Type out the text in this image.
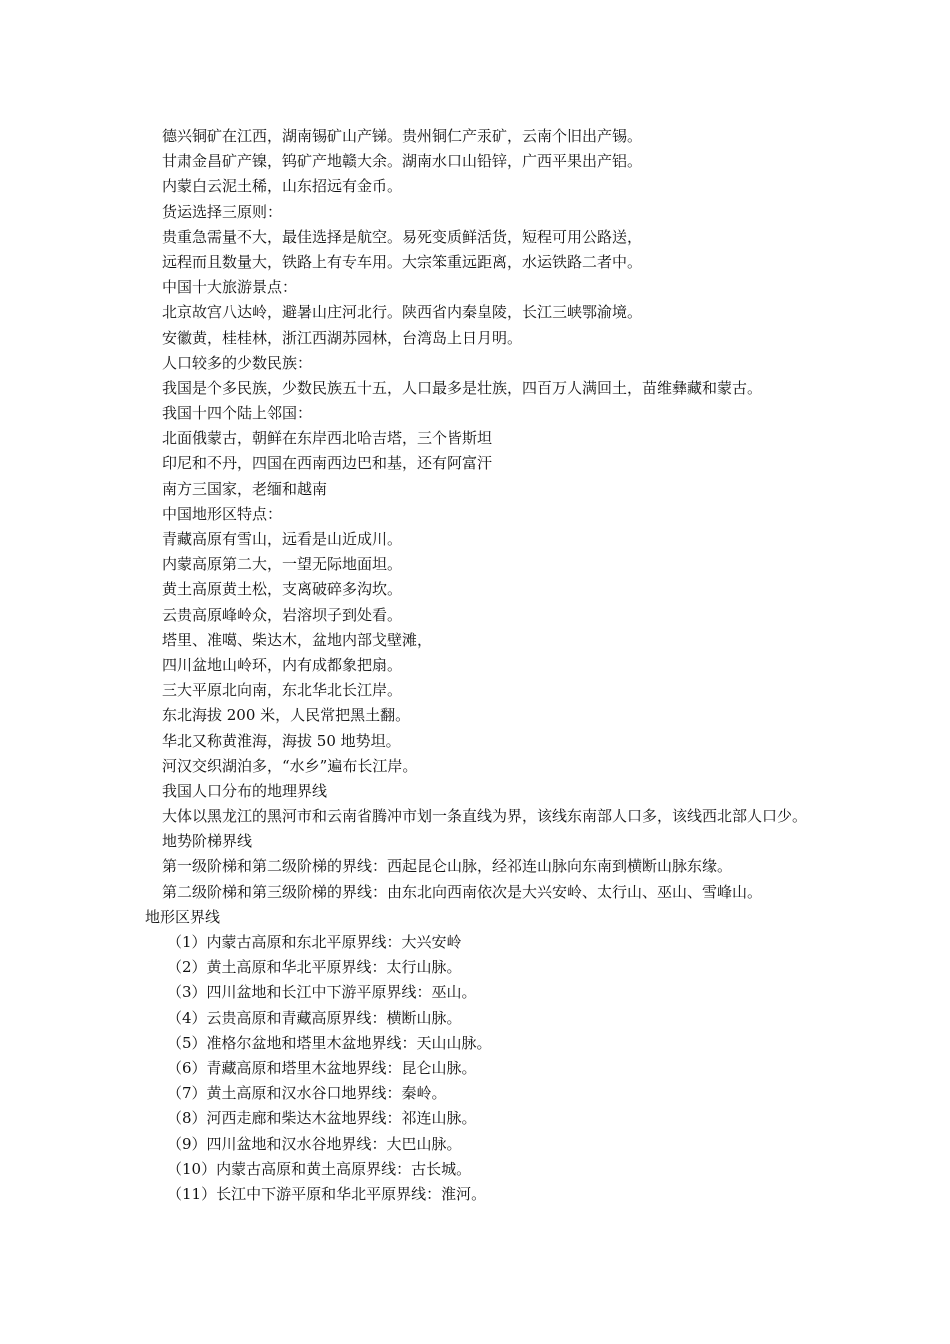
德兴铜矿在江西，湖南锡矿山产锑。贵州铜仁产汞矿，云南个旧出产锡。
甘肃金昌矿产镍，钨矿产地赣大余。湖南水口山铅锌，广西平果出产铝。
内蒙白云泥土稀，山东招远有金币。
货运选择三原则：
贵重急需量不大，最佳选择是航空。易死变质鲜活货，短程可用公路送，
远程而且数量大，铁路上有专车用。大宗笨重远距离，水运铁路二者中。
中国十大旅游景点：
北京故宫八达岭，避暑山庄河北行。陕西省内秦皇陵，长江三峡鄂渝境。
安徽黄，桂桂林，浙江西湖苏园林，台湾岛上日月明。
人口较多的少数民族：
我国是个多民族，少数民族五十五，人口最多是壮族，四百万人满回土，苗维彝藏和蒙古。
我国十四个陆上邻国：
北面俄蒙古，朝鲜在东岸西北哈吉塔，三个皆斯坦
印尼和不丹，四国在西南西边巴和基，还有阿富汗
南方三国家，老缅和越南
中国地形区特点：
青藏高原有雪山，远看是山近成川。
内蒙高原第二大，一望无际地面坦。
黄土高原黄土松，支离破碎多沟坎。
云贵高原峰岭众，岩溶坝子到处看。
塔里、准噶、柴达木，盆地内部戈壁滩，
四川盆地山岭环，内有成都象把扇。
三大平原北向南，东北华北长江岸。
东北海拔 200 米，人民常把黑土翻。
华北又称黄淮海，海拔 50 地势坦。
河汉交织湖泊多，“水乡”遍布长江岸。
我国人口分布的地理界线
大体以黑龙江的黑河市和云南省腾冲市划一条直线为界，该线东南部人口多，该线西北部人口少。
地势阶梯界线
第一级阶梯和第二级阶梯的界线：西起昆仑山脉，经祁连山脉向东南到横断山脉东缘。
第二级阶梯和第三级阶梯的界线：由东北向西南依次是大兴安岭、太行山、巫山、雪峰山。
地形区界线
（1）内蒙古高原和东北平原界线：大兴安岭
（2）黄土高原和华北平原界线：太行山脉。
（3）四川盆地和长江中下游平原界线：巫山。
（4）云贵高原和青藏高原界线：横断山脉。
（5）准格尔盆地和塔里木盆地界线：天山山脉。
（6）青藏高原和塔里木盆地界线：昆仑山脉。
（7）黄土高原和汉水谷口地界线：秦岭。
（8）河西走廊和柴达木盆地界线：祁连山脉。
（9）四川盆地和汉水谷地界线：大巴山脉。
（10）内蒙古高原和黄土高原界线：古长城。
（11）长江中下游平原和华北平原界线：淮河。
